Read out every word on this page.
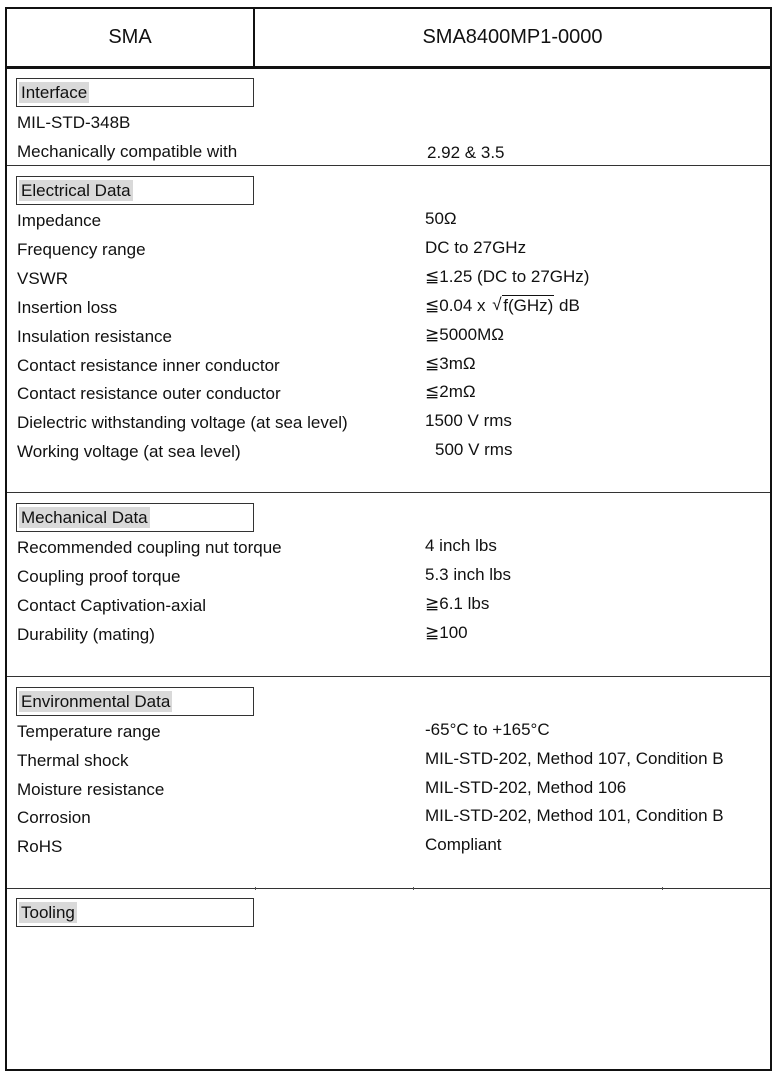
SMA	SMA8400MP1-0000
Interface
MIL-STD-348B
Mechanically compatible with	2.92 & 3.5
Electrical Data
Impedance	50Ω
Frequency range	DC to 27GHz
VSWR	≦1.25 (DC to 27GHz)
Insertion loss	≦0.04 x √ f(GHz) dB
Insulation resistance	≧5000MΩ
Contact resistance inner conductor	≦3mΩ
Contact resistance outer conductor	≦2mΩ
Dielectric withstanding voltage (at sea level)	1500 V rms
Working voltage (at sea level)	500 V rms
Mechanical Data
Recommended coupling nut torque	4 inch lbs
Coupling proof torque	5.3 inch lbs
Contact Captivation-axial	≧6.1 lbs
Durability (mating)	≧100
Environmental Data
Temperature range	-65°C to +165°C
Thermal shock	MIL-STD-202, Method 107, Condition B
Moisture resistance	MIL-STD-202, Method 106
Corrosion	MIL-STD-202, Method 101, Condition B
RoHS	Compliant
Tooling
